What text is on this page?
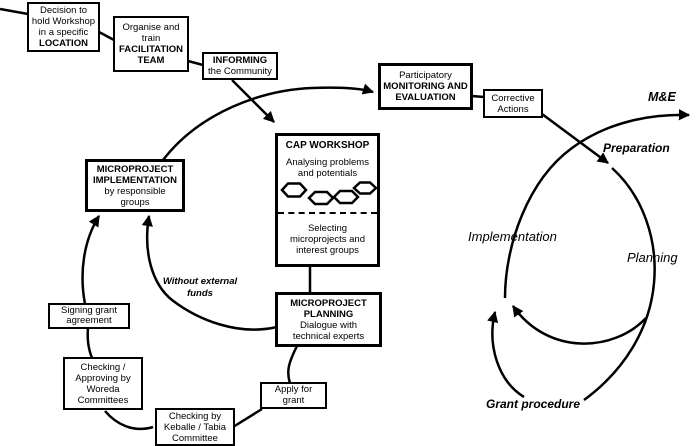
Decision to
hold Workshop
in a specific
LOCATION
Organise and
train
FACILITATION
TEAM	INFORMING
the Community	Participatory
MONITORING AND
EVALUATION	Corrective
Actions
CAP WORKSHOP
Analysing problems
and potentials
Selecting
microprojects and
interest groups
MICROPROJECT
IMPLEMENTATION
by responsible
groups
MICROPROJECT
PLANNING
Dialogue with
technical experts
Signing grant
agreement
Checking /
Approving by
Woreda
Committees
Checking by
Keballe / Tabia
Committee
Apply for
grant
Without external
funds
M&E
Preparation
Implementation
Planning
Grant procedure
